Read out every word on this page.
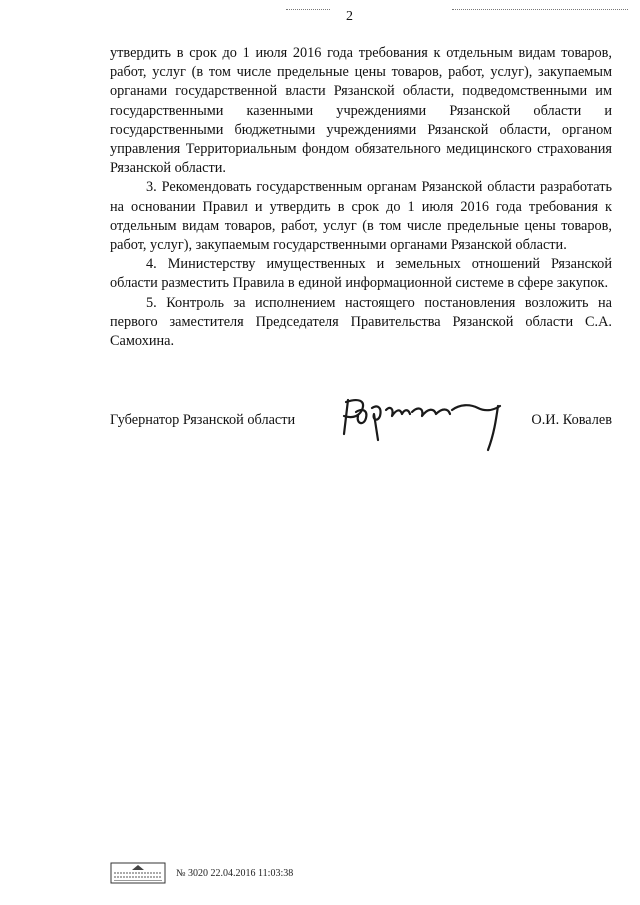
2

утвердить в срок до 1 июля 2016 года требования к отдельным видам товаров, работ, услуг (в том числе предельные цены товаров, работ, услуг), закупаемым органами государственной власти Рязанской области, подведомственными им государственными казенными учреждениями Рязанской области и государственными бюджетными учреждениями Рязанской области, органом управления Территориальным фондом обязательного медицинского страхования Рязанской области.

3. Рекомендовать государственным органам Рязанской области разработать на основании Правил и утвердить в срок до 1 июля 2016 года требования к отдельным видам товаров, работ, услуг (в том числе предельные цены товаров, работ, услуг), закупаемым государственными органами Рязанской области.

4. Министерству имущественных и земельных отношений Рязанской области разместить Правила в единой информационной системе в сфере закупок.

5. Контроль за исполнением настоящего постановления возложить на первого заместителя Председателя Правительства Рязанской области С.А. Самохина.

Губернатор Рязанской области	О.И. Ковалев
№ 3020 22.04.2016 11:03:38
